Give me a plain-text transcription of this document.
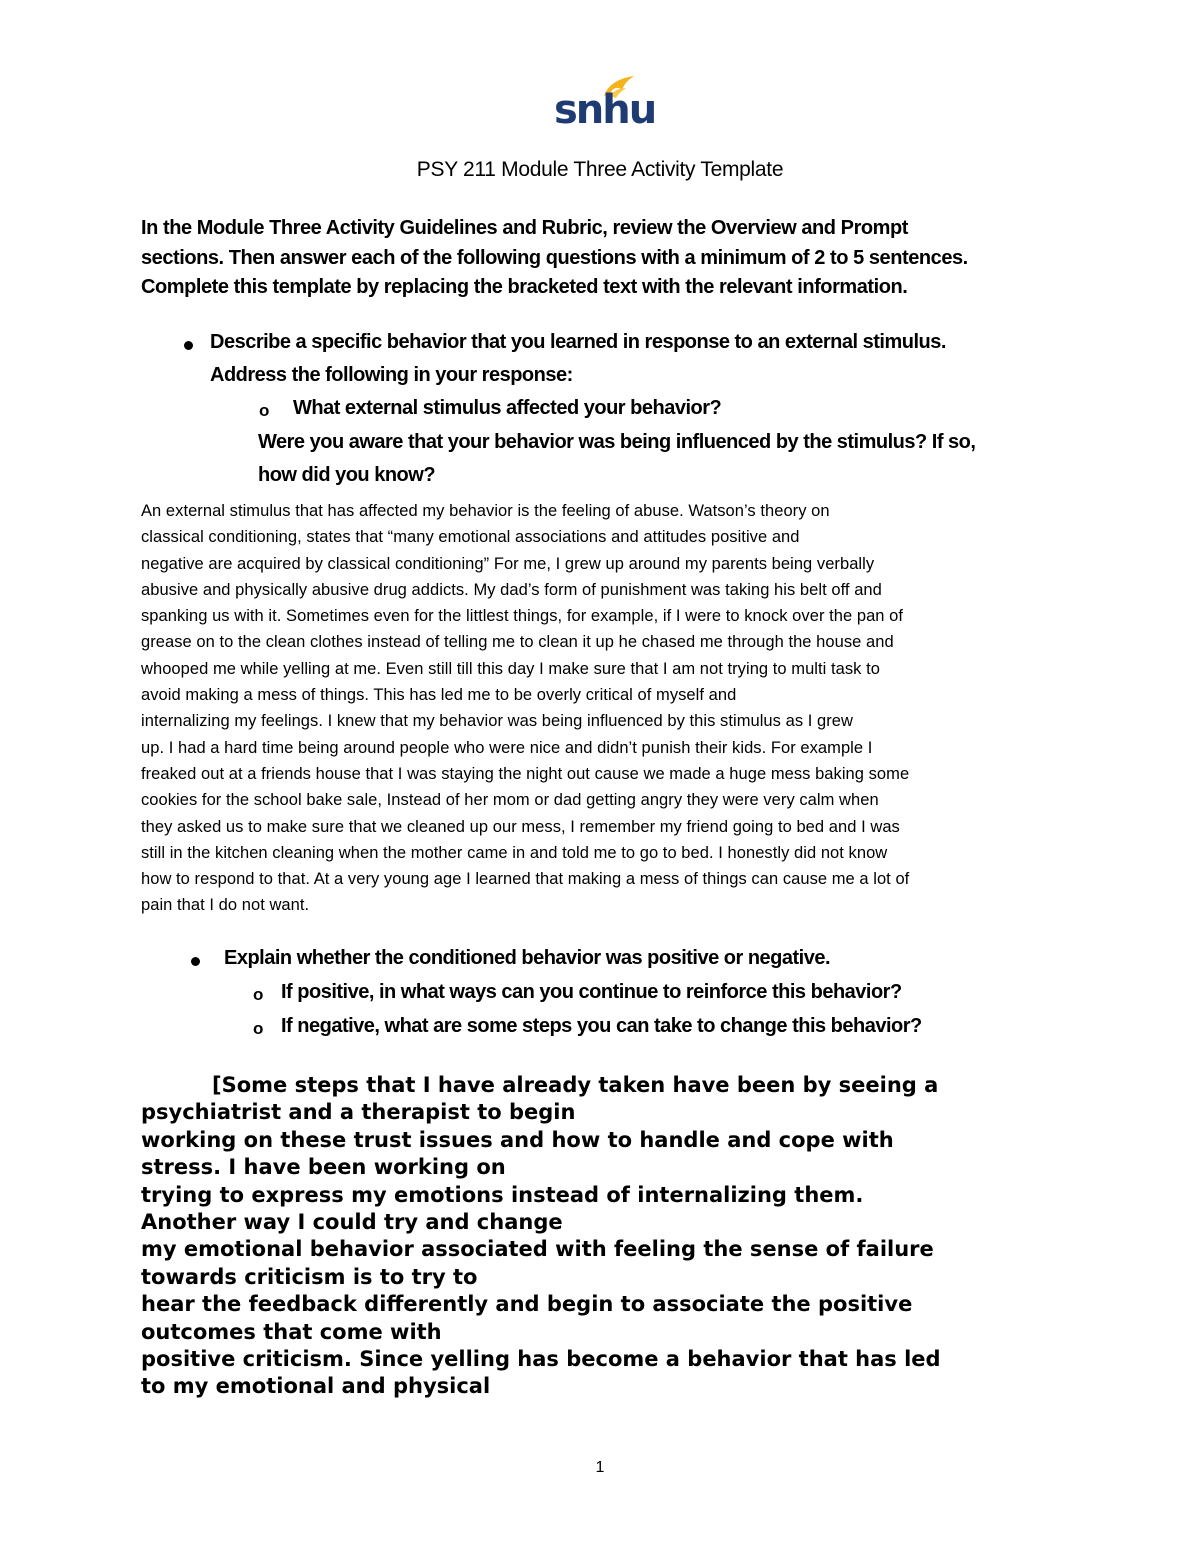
snhu
PSY 211 Module Three Activity Template
In the Module Three Activity Guidelines and Rubric, review the Overview and Prompt
sections. Then answer each of the following questions with a minimum of 2 to 5 sentences.
Complete this template by replacing the bracketed text with the relevant information.
Describe a specific behavior that you learned in response to an external stimulus.
Address the following in your response:
o What external stimulus affected your behavior?
Were you aware that your behavior was being influenced by the stimulus? If so,
how did you know?
An external stimulus that has affected my behavior is the feeling of abuse. Watson’s theory on
classical conditioning, states that “many emotional associations and attitudes positive and
negative are acquired by classical conditioning” For me, I grew up around my parents being verbally
abusive and physically abusive drug addicts. My dad’s form of punishment was taking his belt off and
spanking us with it. Sometimes even for the littlest things, for example, if I were to knock over the pan of
grease on to the clean clothes instead of telling me to clean it up he chased me through the house and
whooped me while yelling at me. Even still till this day I make sure that I am not trying to multi task to
avoid making a mess of things. This has led me to be overly critical of myself and
internalizing my feelings. I knew that my behavior was being influenced by this stimulus as I grew
up. I had a hard time being around people who were nice and didn’t punish their kids. For example I
freaked out at a friends house that I was staying the night out cause we made a huge mess baking some
cookies for the school bake sale, Instead of her mom or dad getting angry they were very calm when
they asked us to make sure that we cleaned up our mess, I remember my friend going to bed and I was
still in the kitchen cleaning when the mother came in and told me to go to bed. I honestly did not know
how to respond to that. At a very young age I learned that making a mess of things can cause me a lot of
pain that I do not want.
Explain whether the conditioned behavior was positive or negative.
o If positive, in what ways can you continue to reinforce this behavior?
o If negative, what are some steps you can take to change this behavior?
[Some steps that I have already taken have been by seeing a
psychiatrist and a therapist to begin
working on these trust issues and how to handle and cope with
stress. I have been working on
trying to express my emotions instead of internalizing them.
Another way I could try and change
my emotional behavior associated with feeling the sense of failure
towards criticism is to try to
hear the feedback differently and begin to associate the positive
outcomes that come with
positive criticism. Since yelling has become a behavior that has led
to my emotional and physical
1
